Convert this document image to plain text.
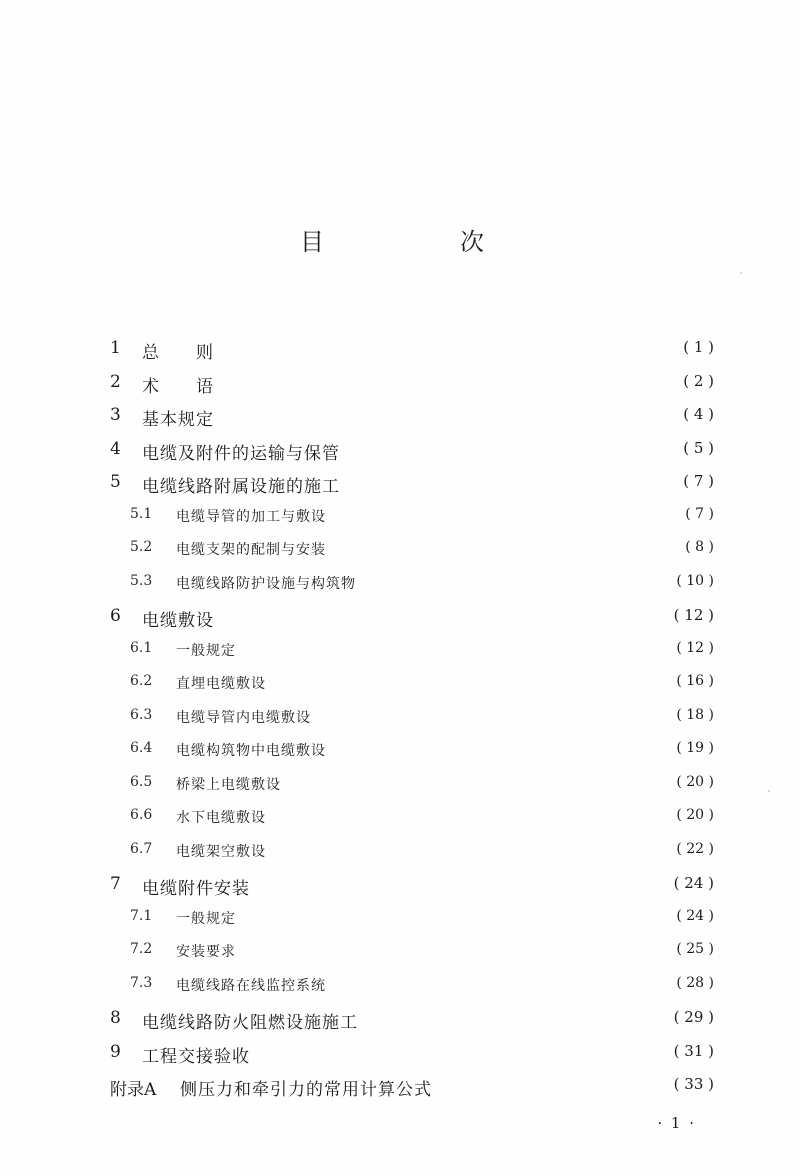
目　次
1 总　　则	( 1 )
2 术　　语	( 2 )
3 基本规定	( 4 )
4 电缆及附件的运输与保管	( 5 )
5 电缆线路附属设施的施工	( 7 )
5.1 电缆导管的加工与敷设	( 7 )
5.2 电缆支架的配制与安装	( 8 )
5.3 电缆线路防护设施与构筑物	( 10 )
6 电缆敷设	( 12 )
6.1 一般规定	( 12 )
6.2 直埋电缆敷设	( 16 )
6.3 电缆导管内电缆敷设	( 18 )
6.4 电缆构筑物中电缆敷设	( 19 )
6.5 桥梁上电缆敷设	( 20 )
6.6 水下电缆敷设	( 20 )
6.7 电缆架空敷设	( 22 )
7 电缆附件安装	( 24 )
7.1 一般规定	( 24 )
7.2 安装要求	( 25 )
7.3 电缆线路在线监控系统	( 28 )
8 电缆线路防火阻燃设施施工	( 29 )
9 工程交接验收	( 31 )
附录A 侧压力和牵引力的常用计算公式	( 33 )
· 1 ·
